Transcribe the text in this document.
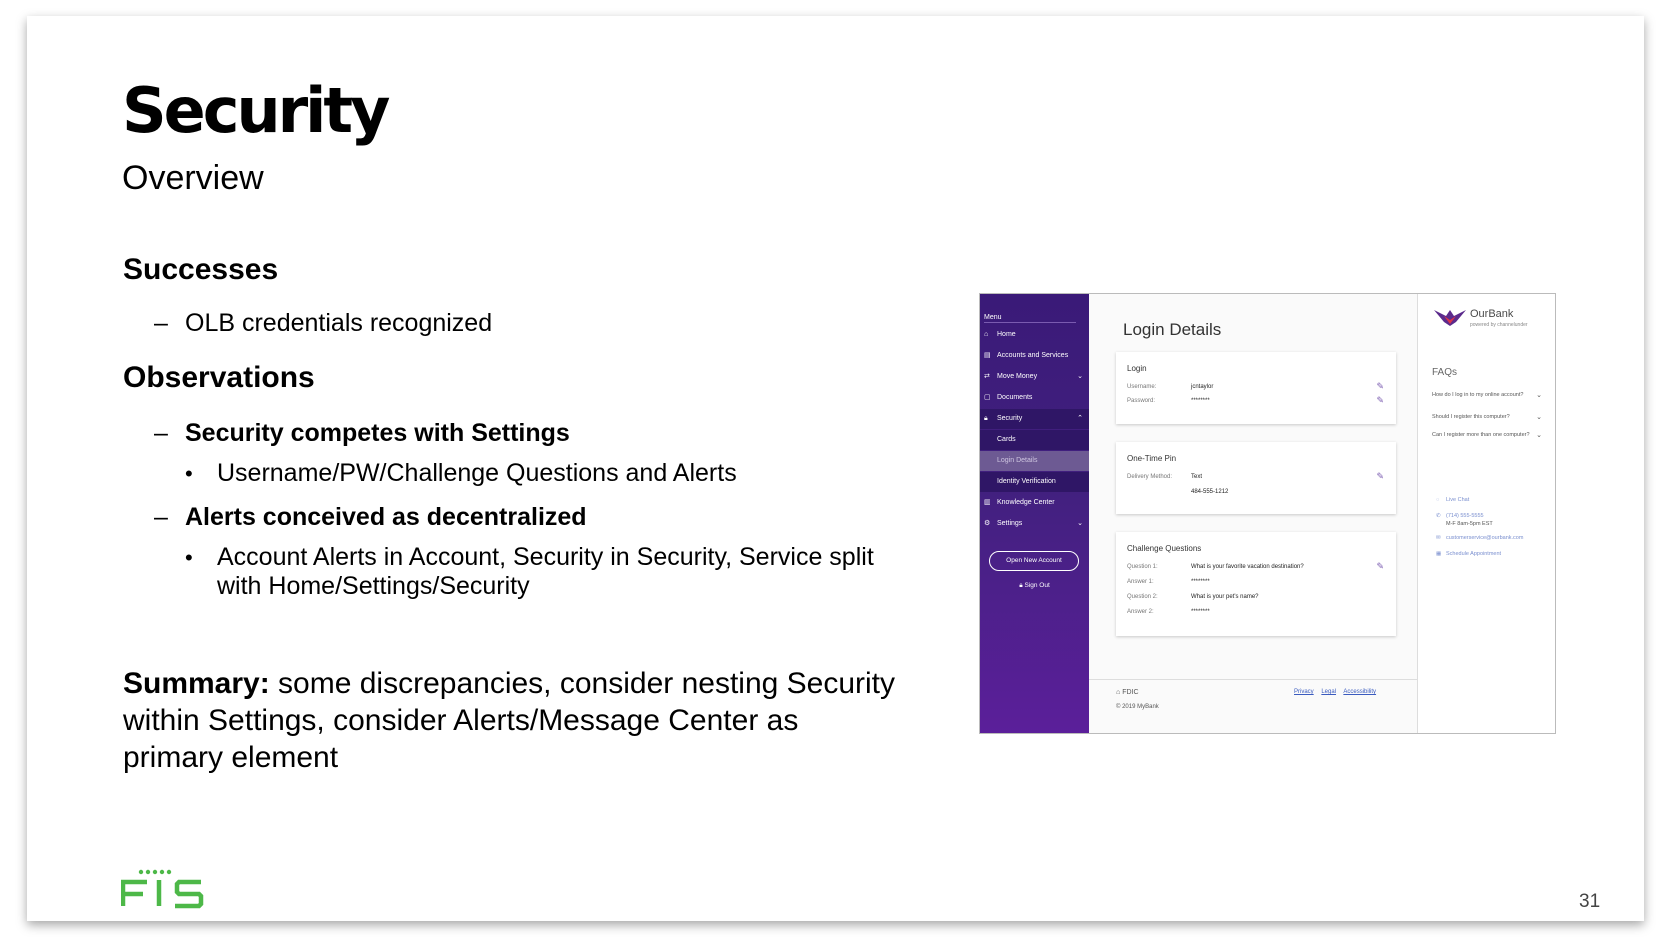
Security
Overview
Successes
– OLB credentials recognized
Observations
– Security competes with Settings
• Username/PW/Challenge Questions and Alerts
– Alerts conceived as decentralized
• Account Alerts in Account, Security in Security, Service split with Home/Settings/Security
Summary: some discrepancies, consider nesting Security within Settings, consider Alerts/Message Center as primary element
Menu
⌂ Home
▤ Accounts and Services
⇄ Move Money	⌄
▢ Documents
🔒︎ Security	⌃
Cards
Login Details
Identity Verification
▥ Knowledge Center
⚙ Settings	⌄
Open New Account
🔒︎ Sign Out
Login Details
Login
Username:	jcntaylor	✎
Password:	********	✎
One-Time Pin
Delivery Method:	Text	✎
484-555-1212
Challenge Questions
Question 1:	What is your favorite vacation destination?	✎
Answer 1:	********
Question 2:	What is your pet's name?
Answer 2:	********
⌂ FDIC
© 2019 MyBank
Privacy Legal Accessibility
OurBank
powered by channelunder
FAQs
How do I log in to my online account? ⌄
Should I register this computer?	⌄
Can I register more than one computer? ⌄
◌ Live Chat
✆ (714) 555-5555
M-F 8am-5pm EST
✉ customerservice@ourbank.com
▦ Schedule Appointment
31
